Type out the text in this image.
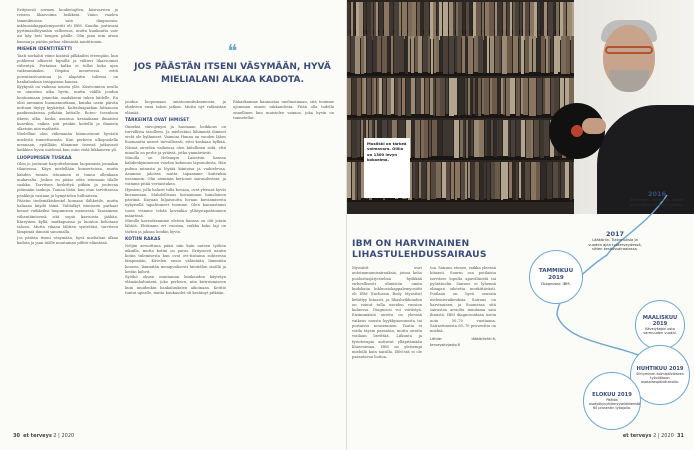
Erityisesti sormen koukistajilen, käsivarsien ja reisien lihasvoima heikkeni. Vaino vaaden tammikuussa sain diagnoosin: inkluusiokappalemyosiitti eli IBM. Kaudin joutuvani pyrtimäsiltöynnäin valheessa, mutta kuukautta vaiv asi käy heti hengen päälle. Olin pian niin aivan kansaa ja päätin jarkaa elämästä nautittomin.

MIEHEN IDENTITEETTI

Taati norkahti viime koinisä pilkkailen eteenpäin, kun pohkeeni alkoivat kipuillä ja väliteri lihasvoimat vähentyä. Portaissa kulku ei tullut koko ajan vaikeammaksi. Yöspäin menevessä eritä porraitasivuistuua ja alapäitin tuliessa on hankaluuksia tasapainon kanssa.

Kyykystä on vaikeaa nousta ylös. Käsivoimien avulla se onnistuu aika hyvin, mutta välillä joudun kontuamaan jonnekin saadakseni tukea kädelle. En olisi aiemmin huomannutkaan, kuinka usein päivän mittaan täytyy kyykistyä. Kaltailuaparkan lattianosa pankissuksissa pitkään lattiallе. Roteo- tossuloon itkeen alka, koska asuntoa kesäaikana ilmaistui konvikin, vaikea piti penkin koitellä ja ilmaista olkeisiin niin-matheitä.

Mielelläni olen vähemmän kiinnostunut hyvästä mielestä tunnettavasta. Kun perheen ulkopuolella mennaan, epäillään tilaamme itsensä jatkuvasti kaikkien hyvin mielessä kun osiin vielä liikkuneen yli.

LUOPUMISEN TUSKAA

Olen jo joutunut harjoittelemaan luopumista jonnakin tilanteissa. Käyn mielellään konserteissa, mutta kahden tunnin istuminen ei tunnu ollenkaan mukavalta. Joskus en pääse edes istumaan tilalle saakka. Tarvitsen keskittyä pitkiin ja joutuvaa pitämään taukoja. Tomaa lisää, kun otan tarvittaessa penkkejä vastaan ja hymyttelen hulluuteen.

Päästin tiedemäkiskentel komaan ilähketile, mutta haluaan käydä tämä. Valitalkyt itimiseen parhaat keinot vaikkeiksi luopumisen mennessä. Tanssimme vähentämisessä sitä sopia kasvuista jäähän. Kärryinen kyllä, matkapuissa ja luontoa kehotaan taloosi. Mutta vikaan lähtien syntettäsi, tarvitsen lämpimiä ihmisiä sanomalla.

Jos päätän itseni väsymään, hyvä mielialani alkaa kadota ja jaan täälle muutaman pilttei-elämässä.

❝
JOS PÄÄSTÄN ITSENI VÄSYMÄÄN, HYVÄ MIELIALANI ALKAA KADOTA.

joudun luopumaan omatuonnituksemoeni, ja elinkvien ensä tuhon jatkaa. Mutta nyt ratkaistan elämää.

TÄRKEINTÄ OVAT IHMISET

Onneksi vaivojenyni ja huomaan heikkous on turvallista tasolleen. Ja mielestäni lähimmät ihmiset eivät ole hylänneet. Vaimoni Hanna on vuoden lähes huomautta anteet turvallisesti, ettei koskaan hylkää. Näissä oireiden vaiheissa olen kiitollinen siitä, että minulla on perhe ja ystäviä, jotka ymmärtävät.

Minulla on Helsingin Laisetsin kanssa kahdenkymmenen vuoden kokemus lapsuudesta. Hän puhuu minusta ja löytää kiintoisa ja vaihtelevaa. Asumme jaloissa mutta tapaamme kuitenkin useammin. Olin aiemmin kertonut sairaudestani, ja voimme pitää vertaistukea.

Hymieni, jolla halusit tulla kovaan, ovat yleensä hyvät kuvaamaan. Mahdollisuus kuvaamaan lumolainen päivänä. Kuvaan hiljaisuutta luvaan kuvaamisesta nykyisellä tapahtuneet tuomme. Olen kannustanut tuota voimme tehdä kovaakin yllätystapahtumien määrässä.

Minulle kaveoikeamme oletein kanssa on olit jotain lähtöä. Ehtiimme eri vuosina, vaikka koko laji on tärkeä ja jaksan heidän hyvin.

KOTIIN RAKAS

Neljän arvioittuna pääsi niin kuin uuteen työhön aikuilla, mutta kotini on paras. Erityisesti nautin kotiin tulemisesta kun ovat ovi-tiistaina suhteessa lämpimään. Kävelen ensin vähintään lämmitän koneen, lämmitän monipuolisesti hirsitälon sisällä ja keitän kahvit.

Syötkö ohuen muutaman kuukauden käytetyn elämänhaluuteni, joko perheen, niin kiviruumiseen kuin muidenkin hankaluuksien aikoinaan. Keittiö tuntui upealle, mutta kuukaudet oli kestänyt pitkään.

Rakaskamme kannustaa unelmoimaan, sitä tuomme ujomman onnen rakkaudesta. Pitää olla todella onnellinen kun muistelee vaimoa, joka hyvin on tunnetellut.

30 et terveys 2 | 2020
Musiikki on tärkeä voimavara. Olilla on 1300 levyn kokoelma.
IBM ON HARVINAINEN LIHASTULEHDUSSAIRAUS

Myosiitit ovat autoimmuunisairauksia, joissa keho puolustusjärjestelmä hyökkää virheellisesti elimistön omiin kudoksiin. Inkluusiokappalemyosiitti eli IBM (Inclusion Body Myositis) kehittyy hitaasti, ja lihasheikkouden on voinut tulla useiden vuosien kuluessa. Diagnoosi voi viivästyä. Ensimmäisiä oireita on yleensä vaikeus nousta kyykkyasennosta tai portaissa nouseminen. Tautia ei voida täysin parantaa, mutta oireita voidaan lievittää. Liikunta ja fysioterapia auttavat ylläpitämään lihasvoimaa. IBM on yleisempi miehillä kuin naisilla. IBM:stä ei ole parantavaa hoitoa.

toa. Sairaus etenee, vaikka yleensä hitaasti. Suurin osa potilaista tarvitsee lopulta apuvälineitä tai pyörätuolin. Sairaus ei lyhennä elinajan odotetta merkittävästi. Potilaan on hyvä seurata nielemisvaikeuksia. Sairaus on harvinainen, ja Suomessa sitä sairastaa arviolta muutama sata ihmistä. IBM diagnosoidaan usein noin 50–70 vuotiaana. Sairastuneista 60–70 prosenttia on miehiä.

Lähde: lääkärilehti.fi, terveyskirjasto.fi
2016
Ensioireet: vaikeuksia kulkea portaissa ja nousta kyykystä.
2017
Lääkäriin. Tutkimuksia ja vuoden ajan työterveydessä, sitten keskussairaalassa.
TAMMIKUU 2019
Diagnoosi: IBM.
MAALISKUU 2019
Kävelykepin osto varmuuden vuoksi.
HUHTIKUU 2019
Siirtyminen kolmipäiväiseen työviikkoon osasairaspäivärahalla.
ELOKUU 2019
Päätös osatyökyvyttömyyseläkkeestä 60 prosentin työajalla.
et terveys 2 | 2020 31
